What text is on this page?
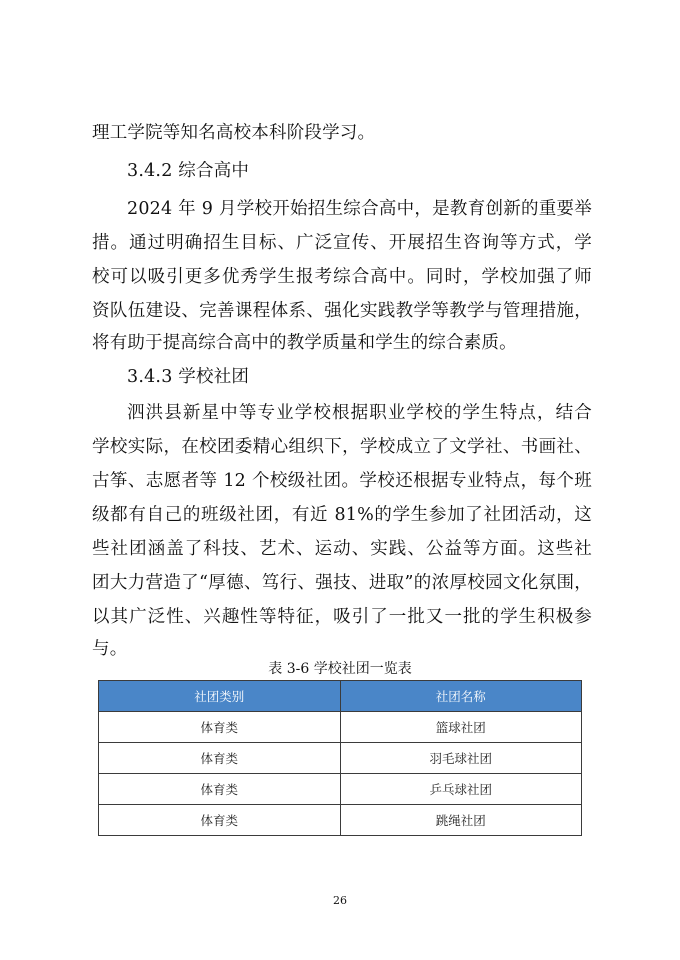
理工学院等知名高校本科阶段学习。
3.4.2 综合高中
2024 年 9 月学校开始招生综合高中，是教育创新的重要举
措。通过明确招生目标、广泛宣传、开展招生咨询等方式，学
校可以吸引更多优秀学生报考综合高中。同时，学校加强了师
资队伍建设、完善课程体系、强化实践教学等教学与管理措施，
将有助于提高综合高中的教学质量和学生的综合素质。
3.4.3 学校社团
泗洪县新星中等专业学校根据职业学校的学生特点，结合
学校实际，在校团委精心组织下，学校成立了文学社、书画社、
古筝、志愿者等 12 个校级社团。学校还根据专业特点，每个班
级都有自己的班级社团，有近 81%的学生参加了社团活动，这
些社团涵盖了科技、艺术、运动、实践、公益等方面。这些社
团大力营造了“厚德、笃行、强技、进取”的浓厚校园文化氛围，
以其广泛性、兴趣性等特征，吸引了一批又一批的学生积极参
与。
表 3-6 学校社团一览表
社团类别	社团名称
体育类	篮球社团
体育类	羽毛球社团
体育类	乒乓球社团
体育类	跳绳社团
26
